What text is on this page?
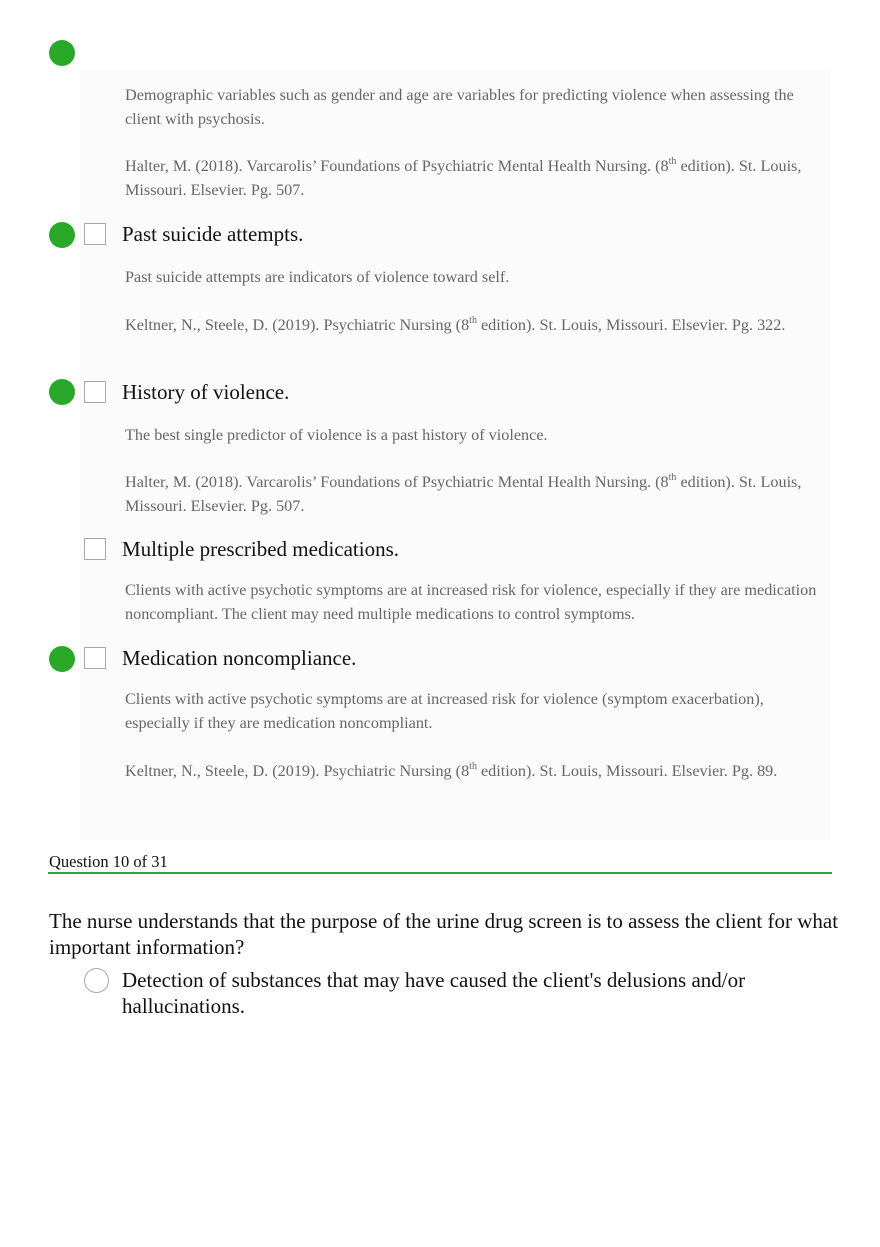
Demographic variables such as gender and age are variables for predicting violence when assessing the client with psychosis.

Halter, M. (2018). Varcarolis’ Foundations of Psychiatric Mental Health Nursing. (8th edition). St. Louis, Missouri. Elsevier. Pg. 507.

Past suicide attempts.

Past suicide attempts are indicators of violence toward self.

Keltner, N., Steele, D. (2019). Psychiatric Nursing (8th edition). St. Louis, Missouri. Elsevier. Pg. 322.

History of violence.

The best single predictor of violence is a past history of violence.

Halter, M. (2018). Varcarolis’ Foundations of Psychiatric Mental Health Nursing. (8th edition). St. Louis, Missouri. Elsevier. Pg. 507.

Multiple prescribed medications.

Clients with active psychotic symptoms are at increased risk for violence, especially if they are medication noncompliant. The client may need multiple medications to control symptoms.

Medication noncompliance.

Clients with active psychotic symptoms are at increased risk for violence (symptom exacerbation), especially if they are medication noncompliant.

Keltner, N., Steele, D. (2019). Psychiatric Nursing (8th edition). St. Louis, Missouri. Elsevier. Pg. 89.

Question 10 of 31
The nurse understands that the purpose of the urine drug screen is to assess the client for what important information?
Detection of substances that may have caused the client's delusions and/or hallucinations.
